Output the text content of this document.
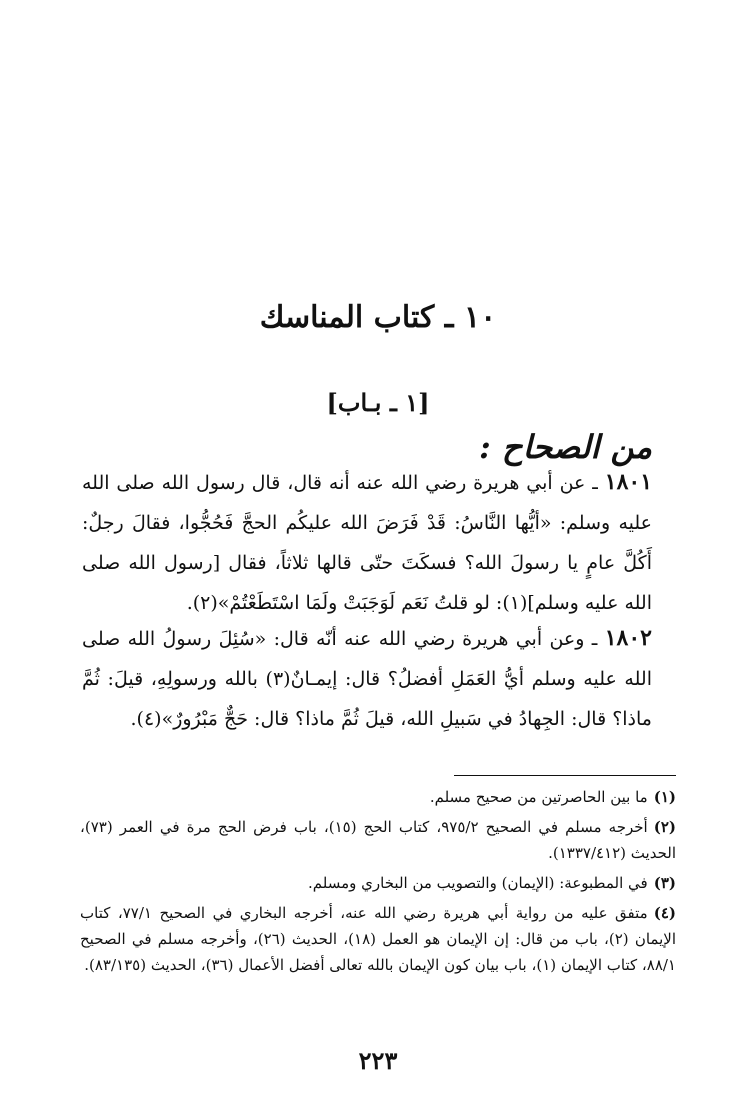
١٠ ـ كتاب المناسك
[١ ـ بـاب]
من الصحاح :

١٨٠١ ـ عن أبي هريرة رضي الله عنه أنه قال، قال رسول الله صلى الله عليه وسلم: «أيُّها النَّاسُ: قَدْ فَرَضَ الله عليكُم الحجَّ فَحُجُّوا، فقالَ رجلٌ: أَكُلَّ عامٍ يا رسولَ الله؟ فسكَتَ حتّى قالها ثلاثاً، فقال [رسول الله صلى الله عليه وسلم](١): لو قلتُ نَعَم لَوَجَبَتْ ولَمَا اسْتَطَعْتُمْ»(٢).

١٨٠٢ ـ وعن أبي هريرة رضي الله عنه أنّه قال: «سُئِلَ رسولُ الله صلى الله عليه وسلم أيُّ العَمَلِ أفضلُ؟ قال: إيمـانٌ(٣) بالله ورسولِهِ، قيلَ: ثُمَّ ماذا؟ قال: الجِهادُ في سَبيلِ الله، قيلَ ثُمَّ ماذا؟ قال: حَجٌّ مَبْرُورٌ»(٤).

(١)ما بين الحاصرتين من صحيح مسلم.
(٢)أخرجه مسلم في الصحيح ٩٧٥/٢، كتاب الحج (١٥)، باب فرض الحج مرة في العمر (٧٣)، الحديث (١٣٣٧/٤١٢).
(٣)في المطبوعة: (الإيمان) والتصويب من البخاري ومسلم.
(٤)متفق عليه من رواية أبي هريرة رضي الله عنه، أخرجه البخاري في الصحيح ٧٧/١، كتاب الإيمان (٢)، باب من قال: إن الإيمان هو العمل (١٨)، الحديث (٢٦)، وأخرجه مسلم في الصحيح ٨٨/١، كتاب الإيمان (١)، باب بيان كون الإيمان بالله تعالى أفضل الأعمال (٣٦)، الحديث (٨٣/١٣٥).
٢٢٣
